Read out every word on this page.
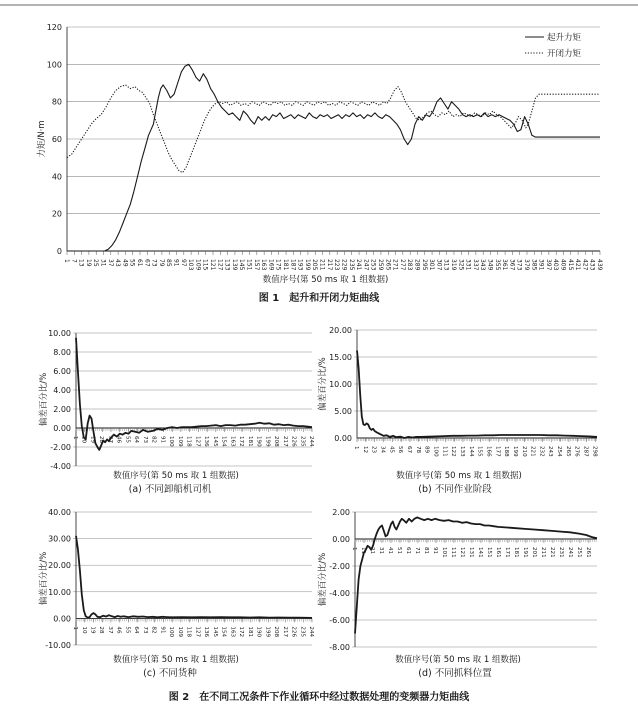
0
20
40
60
80
100
120
1 7 13 19 25 31 37 43 49 55 61 67 73 79 85 91 97 103 109 115 121 127 133 139 145 151 157 163 169 175 181 187 193 199 205 211 217 223 229 235 241 247 253 259 265 271 277 283 289 295 301 307 313 319 325 331 337 343 349 355 361 367 373 379 385 391 397 403 409 415 421 427 433 439
力矩/N·m
数值序号(第 50 ms 取 1 组数据)
起升力矩
开闭力矩
图 1　起升和开闭力矩曲线
-4.00
-2.00
0.00
2.00
4.00
6.00
8.00
10.00
1 10 19 28 37 46 55 64 73 82 91 100 109 118 127 136 145 154 163 172 181 190 199 208 217 226 235 244
偏差百分比/%
数值序号(第 50 ms 取 1 组数据)
(a) 不同卸船机司机
0.00
5.00
10.00
15.00
20.00
1 12 23 34 45 56 67 78 89 100 111 122 133 144 155 166 177 188 199 210 221 232 243 254 265 276 287 298
偏差百分比/%
数值序号(第 50 ms 取 1 组数据)
(b) 不同作业阶段
-10.00
0.00
10.00
20.00
30.00
40.00
1 10 19 28 37 46 55 64 73 82 91 100 109 118 127 136 145 154 163 172 181 190 199 208 217 226 235 244
偏差百分比/%
数值序号(第 50 ms 取 1 组数据)
(c) 不同货种
-8.00
-6.00
-4.00
-2.00
0.00
2.00
1 11 21 31 41 51 61 71 81 91 101 111 121 131 141 151 161 171 181 191 201 211 221 231 241 251 261
偏差百分比/%
数值序号(第 50 ms 取 1 组数据)
(d) 不同抓料位置
图 2　在不同工况条件下作业循环中经过数据处理的变频器力矩曲线
